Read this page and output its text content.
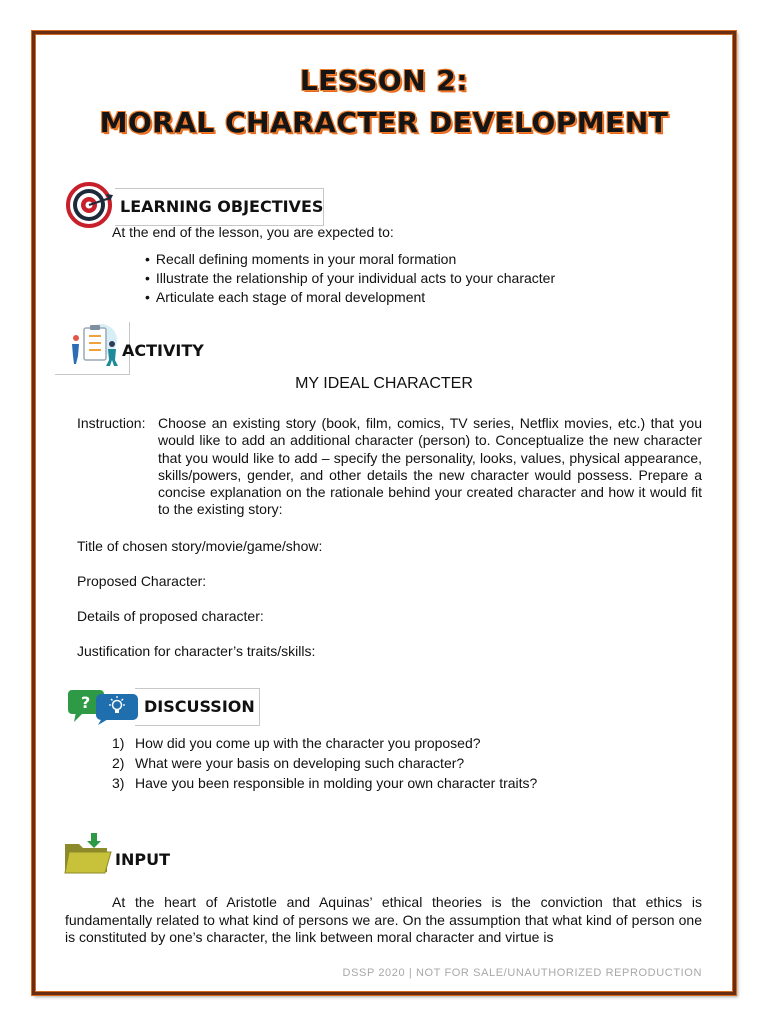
LESSON 2:
MORAL CHARACTER DEVELOPMENT
LEARNING OBJECTIVES
At the end of the lesson, you are expected to:
• Recall defining moments in your moral formation
• Illustrate the relationship of your individual acts to your character
• Articulate each stage of moral development
ACTIVITY
MY IDEAL CHARACTER
Instruction: Choose an existing story (book, film, comics, TV series, Netflix movies, etc.) that you would like to add an additional character (person) to. Conceptualize the new character that you would like to add – specify the personality, looks, values, physical appearance, skills/powers, gender, and other details the new character would possess. Prepare a concise explanation on the rationale behind your created character and how it would fit to the existing story:
Title of chosen story/movie/game/show:
Proposed Character:
Details of proposed character:
Justification for character’s traits/skills:
?	DISCUSSION
1) How did you come up with the character you proposed?
2) What were your basis on developing such character?
3) Have you been responsible in molding your own character traits?
INPUT
At the heart of Aristotle and Aquinas’ ethical theories is the conviction that ethics is fundamentally related to what kind of persons we are. On the assumption that what kind of person one is constituted by one’s character, the link between moral character and virtue is
DSSP 2020 | NOT FOR SALE/UNAUTHORIZED REPRODUCTION
